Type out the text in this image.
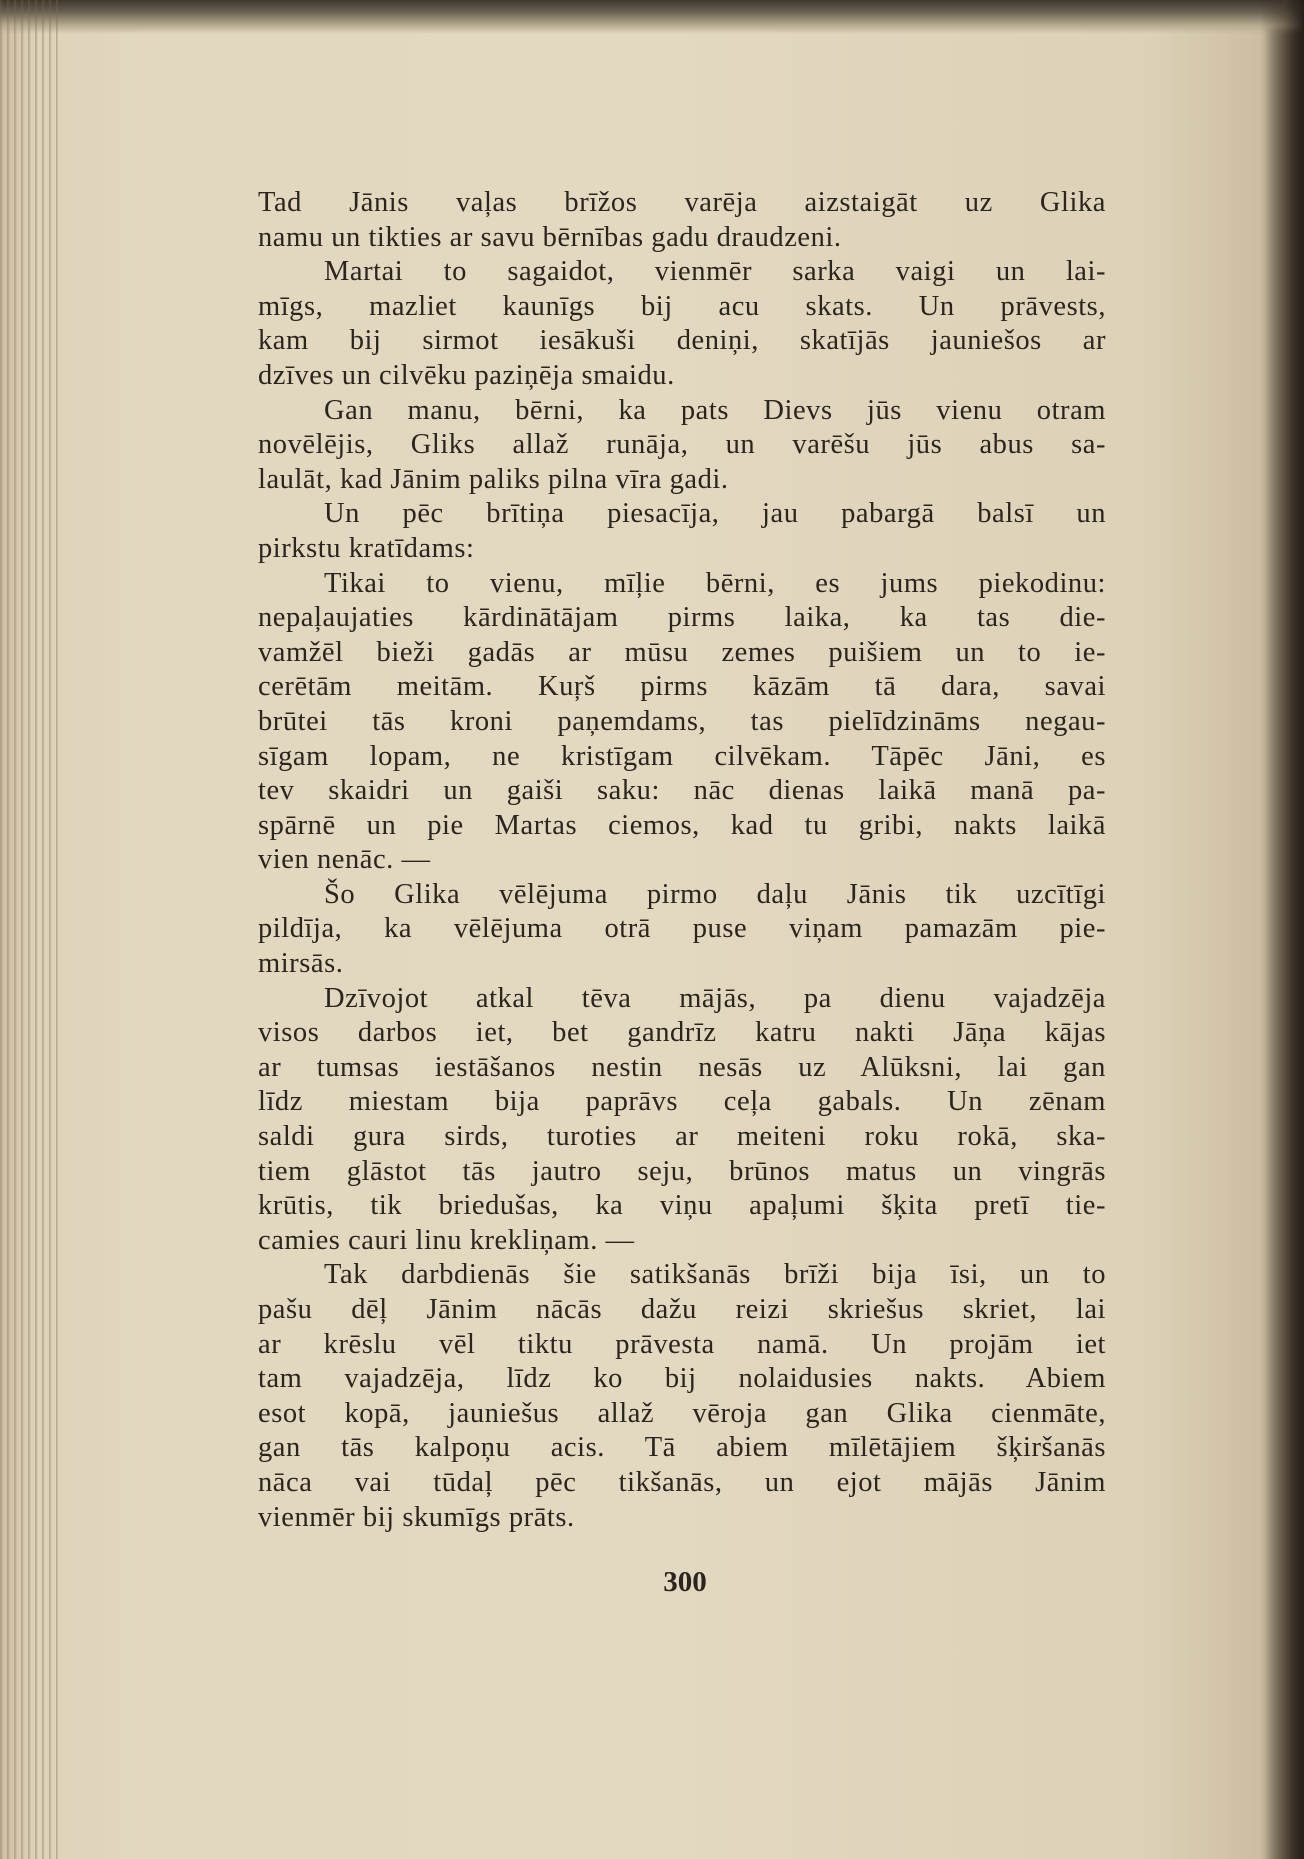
Tad Jānis vaļas brīžos varēja aizstaigāt uz Glika
namu un tikties ar savu bērnības gadu draudzeni.
Martai to sagaidot, vienmēr sarka vaigi un lai-
mīgs, mazliet kaunīgs bij acu skats. Un prāvests,
kam bij sirmot iesākuši deniņi, skatījās jauniešos ar
dzīves un cilvēku paziņēja smaidu.
Gan manu, bērni, ka pats Dievs jūs vienu otram
novēlējis, Gliks allaž runāja, un varēšu jūs abus sa-
laulāt, kad Jānim paliks pilna vīra gadi.
Un pēc brītiņa piesacīja, jau pabargā balsī un
pirkstu kratīdams:
Tikai to vienu, mīļie bērni, es jums piekodinu:
nepaļaujaties kārdinātājam pirms laika, ka tas die-
vamžēl bieži gadās ar mūsu zemes puišiem un to ie-
cerētām meitām. Kuŗš pirms kāzām tā dara, savai
brūtei tās kroni paņemdams, tas pielīdzināms negau-
sīgam lopam, ne kristīgam cilvēkam. Tāpēc Jāni, es
tev skaidri un gaiši saku: nāc dienas laikā manā pa-
spārnē un pie Martas ciemos, kad tu gribi, nakts laikā
vien nenāc. —
Šo Glika vēlējuma pirmo daļu Jānis tik uzcītīgi
pildīja, ka vēlējuma otrā puse viņam pamazām pie-
mirsās.
Dzīvojot atkal tēva mājās, pa dienu vajadzēja
visos darbos iet, bet gandrīz katru nakti Jāņa kājas
ar tumsas iestāšanos nestin nesās uz Alūksni, lai gan
līdz miestam bija paprāvs ceļa gabals. Un zēnam
saldi gura sirds, turoties ar meiteni roku rokā, ska-
tiem glāstot tās jautro seju, brūnos matus un vingrās
krūtis, tik briedušas, ka viņu apaļumi šķita pretī tie-
camies cauri linu krekliņam. —
Tak darbdienās šie satikšanās brīži bija īsi, un to
pašu dēļ Jānim nācās dažu reizi skriešus skriet, lai
ar krēslu vēl tiktu prāvesta namā. Un projām iet
tam vajadzēja, līdz ko bij nolaidusies nakts. Abiem
esot kopā, jauniešus allaž vēroja gan Glika cienmāte,
gan tās kalpoņu acis. Tā abiem mīlētājiem šķiršanās
nāca vai tūdaļ pēc tikšanās, un ejot mājās Jānim
vienmēr bij skumīgs prāts.
300
